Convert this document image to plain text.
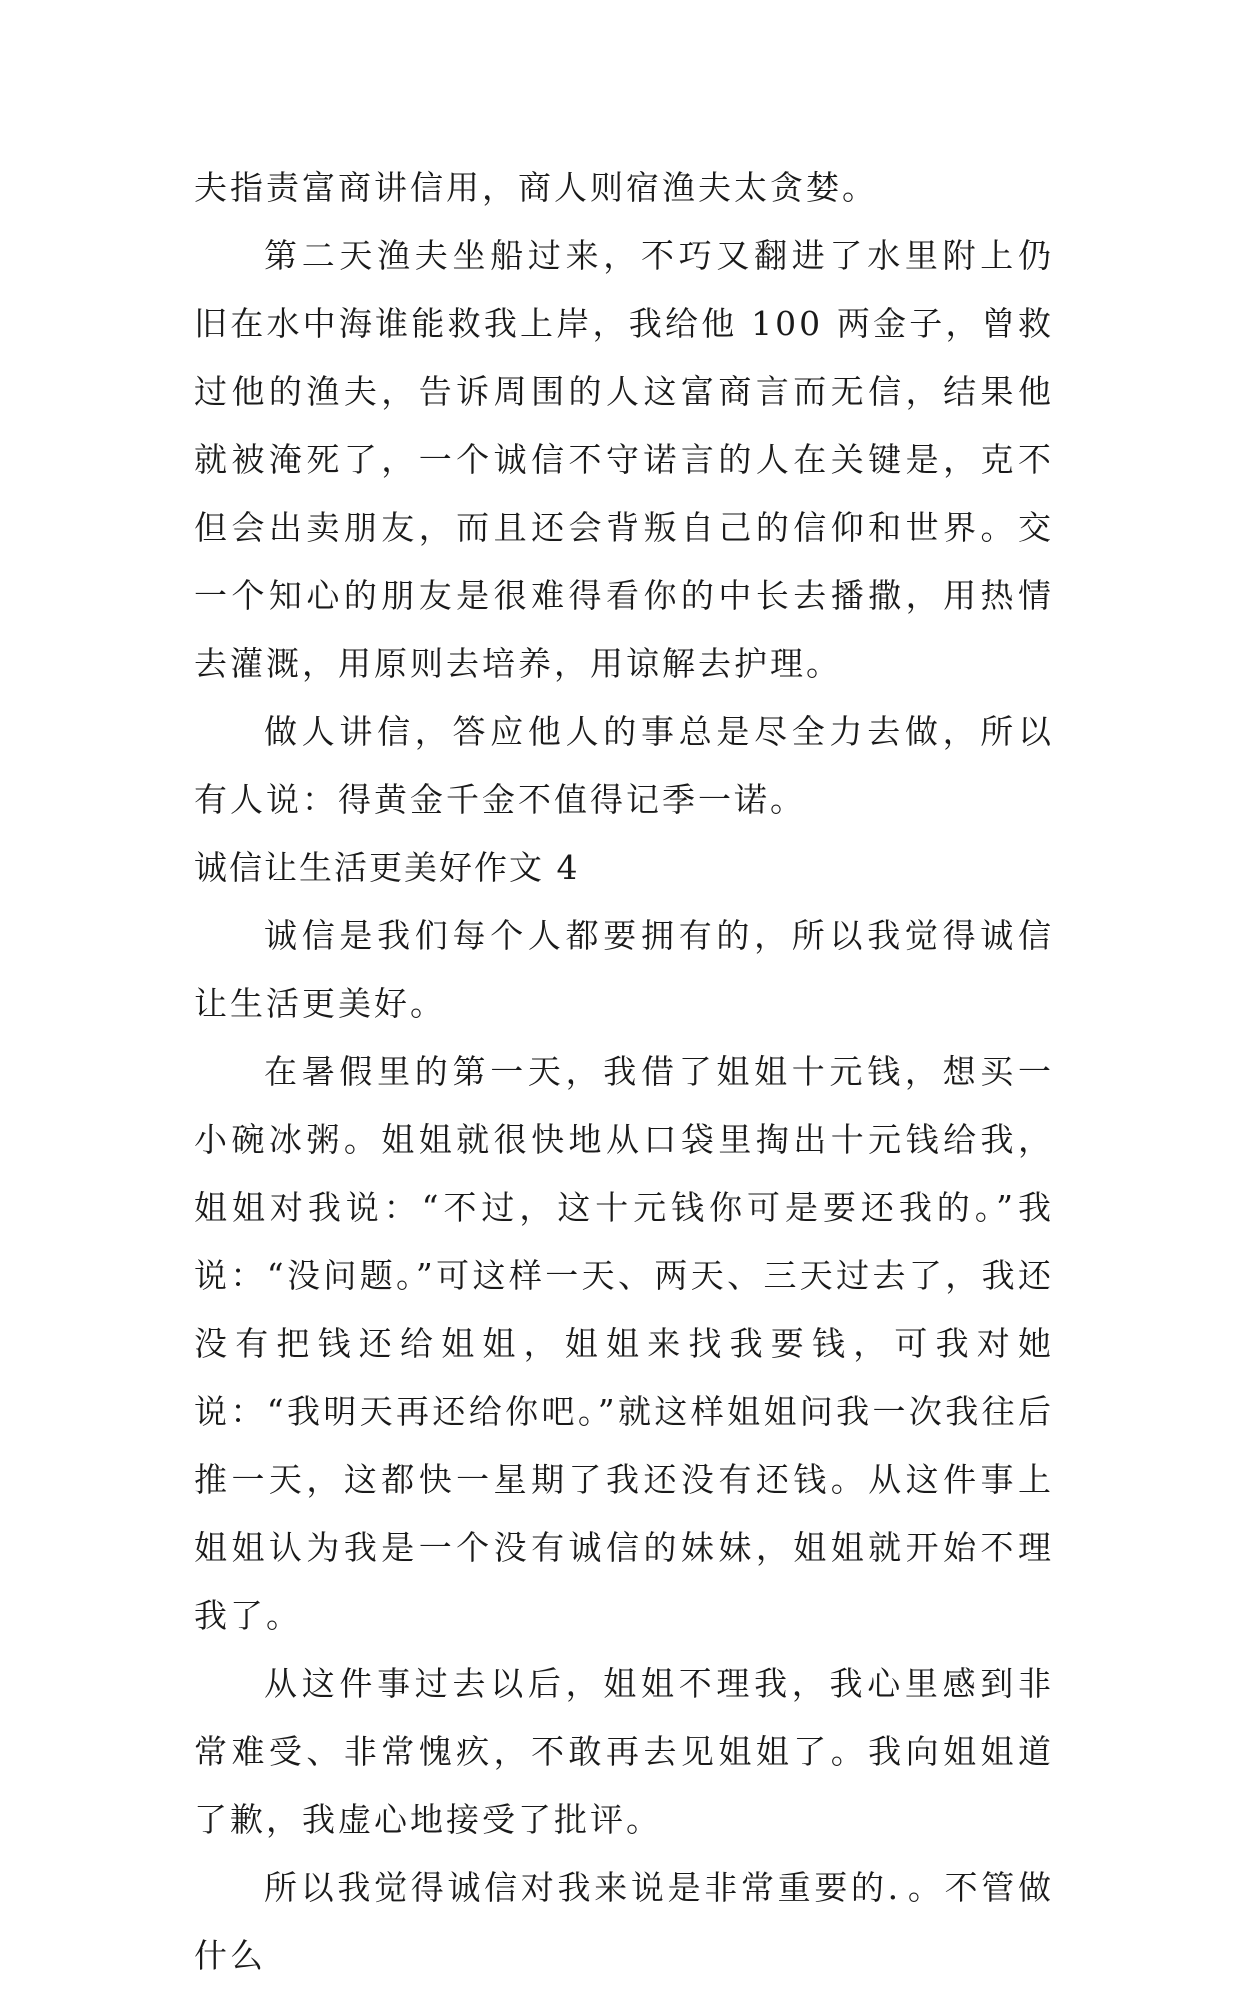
夫指责富商讲信用，商人则宿渔夫太贪婪。

第二天渔夫坐船过来，不巧又翻进了水里附上仍旧在水中海谁能救我上岸，我给他 100 两金子，曾救过他的渔夫，告诉周围的人这富商言而无信，结果他就被淹死了，一个诚信不守诺言的人在关键是，克不但会出卖朋友，而且还会背叛自己的信仰和世界。交一个知心的朋友是很难得看你的中长去播撒，用热情去灌溉，用原则去培养，用谅解去护理。

做人讲信，答应他人的事总是尽全力去做，所以有人说：得黄金千金不值得记季一诺。

诚信让生活更美好作文 4

诚信是我们每个人都要拥有的，所以我觉得诚信让生活更美好。

在暑假里的第一天，我借了姐姐十元钱，想买一小碗冰粥。姐姐就很快地从口袋里掏出十元钱给我，姐姐对我说：“不过，这十元钱你可是要还我的。”我说：“没问题。”可这样一天、两天、三天过去了，我还没有把钱还给姐姐，姐姐来找我要钱，可我对她说：“我明天再还给你吧。”就这样姐姐问我一次我往后推一天，这都快一星期了我还没有还钱。从这件事上姐姐认为我是一个没有诚信的妹妹，姐姐就开始不理我了。

从这件事过去以后，姐姐不理我，我心里感到非常难受、非常愧疚，不敢再去见姐姐了。我向姐姐道了歉，我虚心地接受了批评。

所以我觉得诚信对我来说是非常重要的．。不管做什么
